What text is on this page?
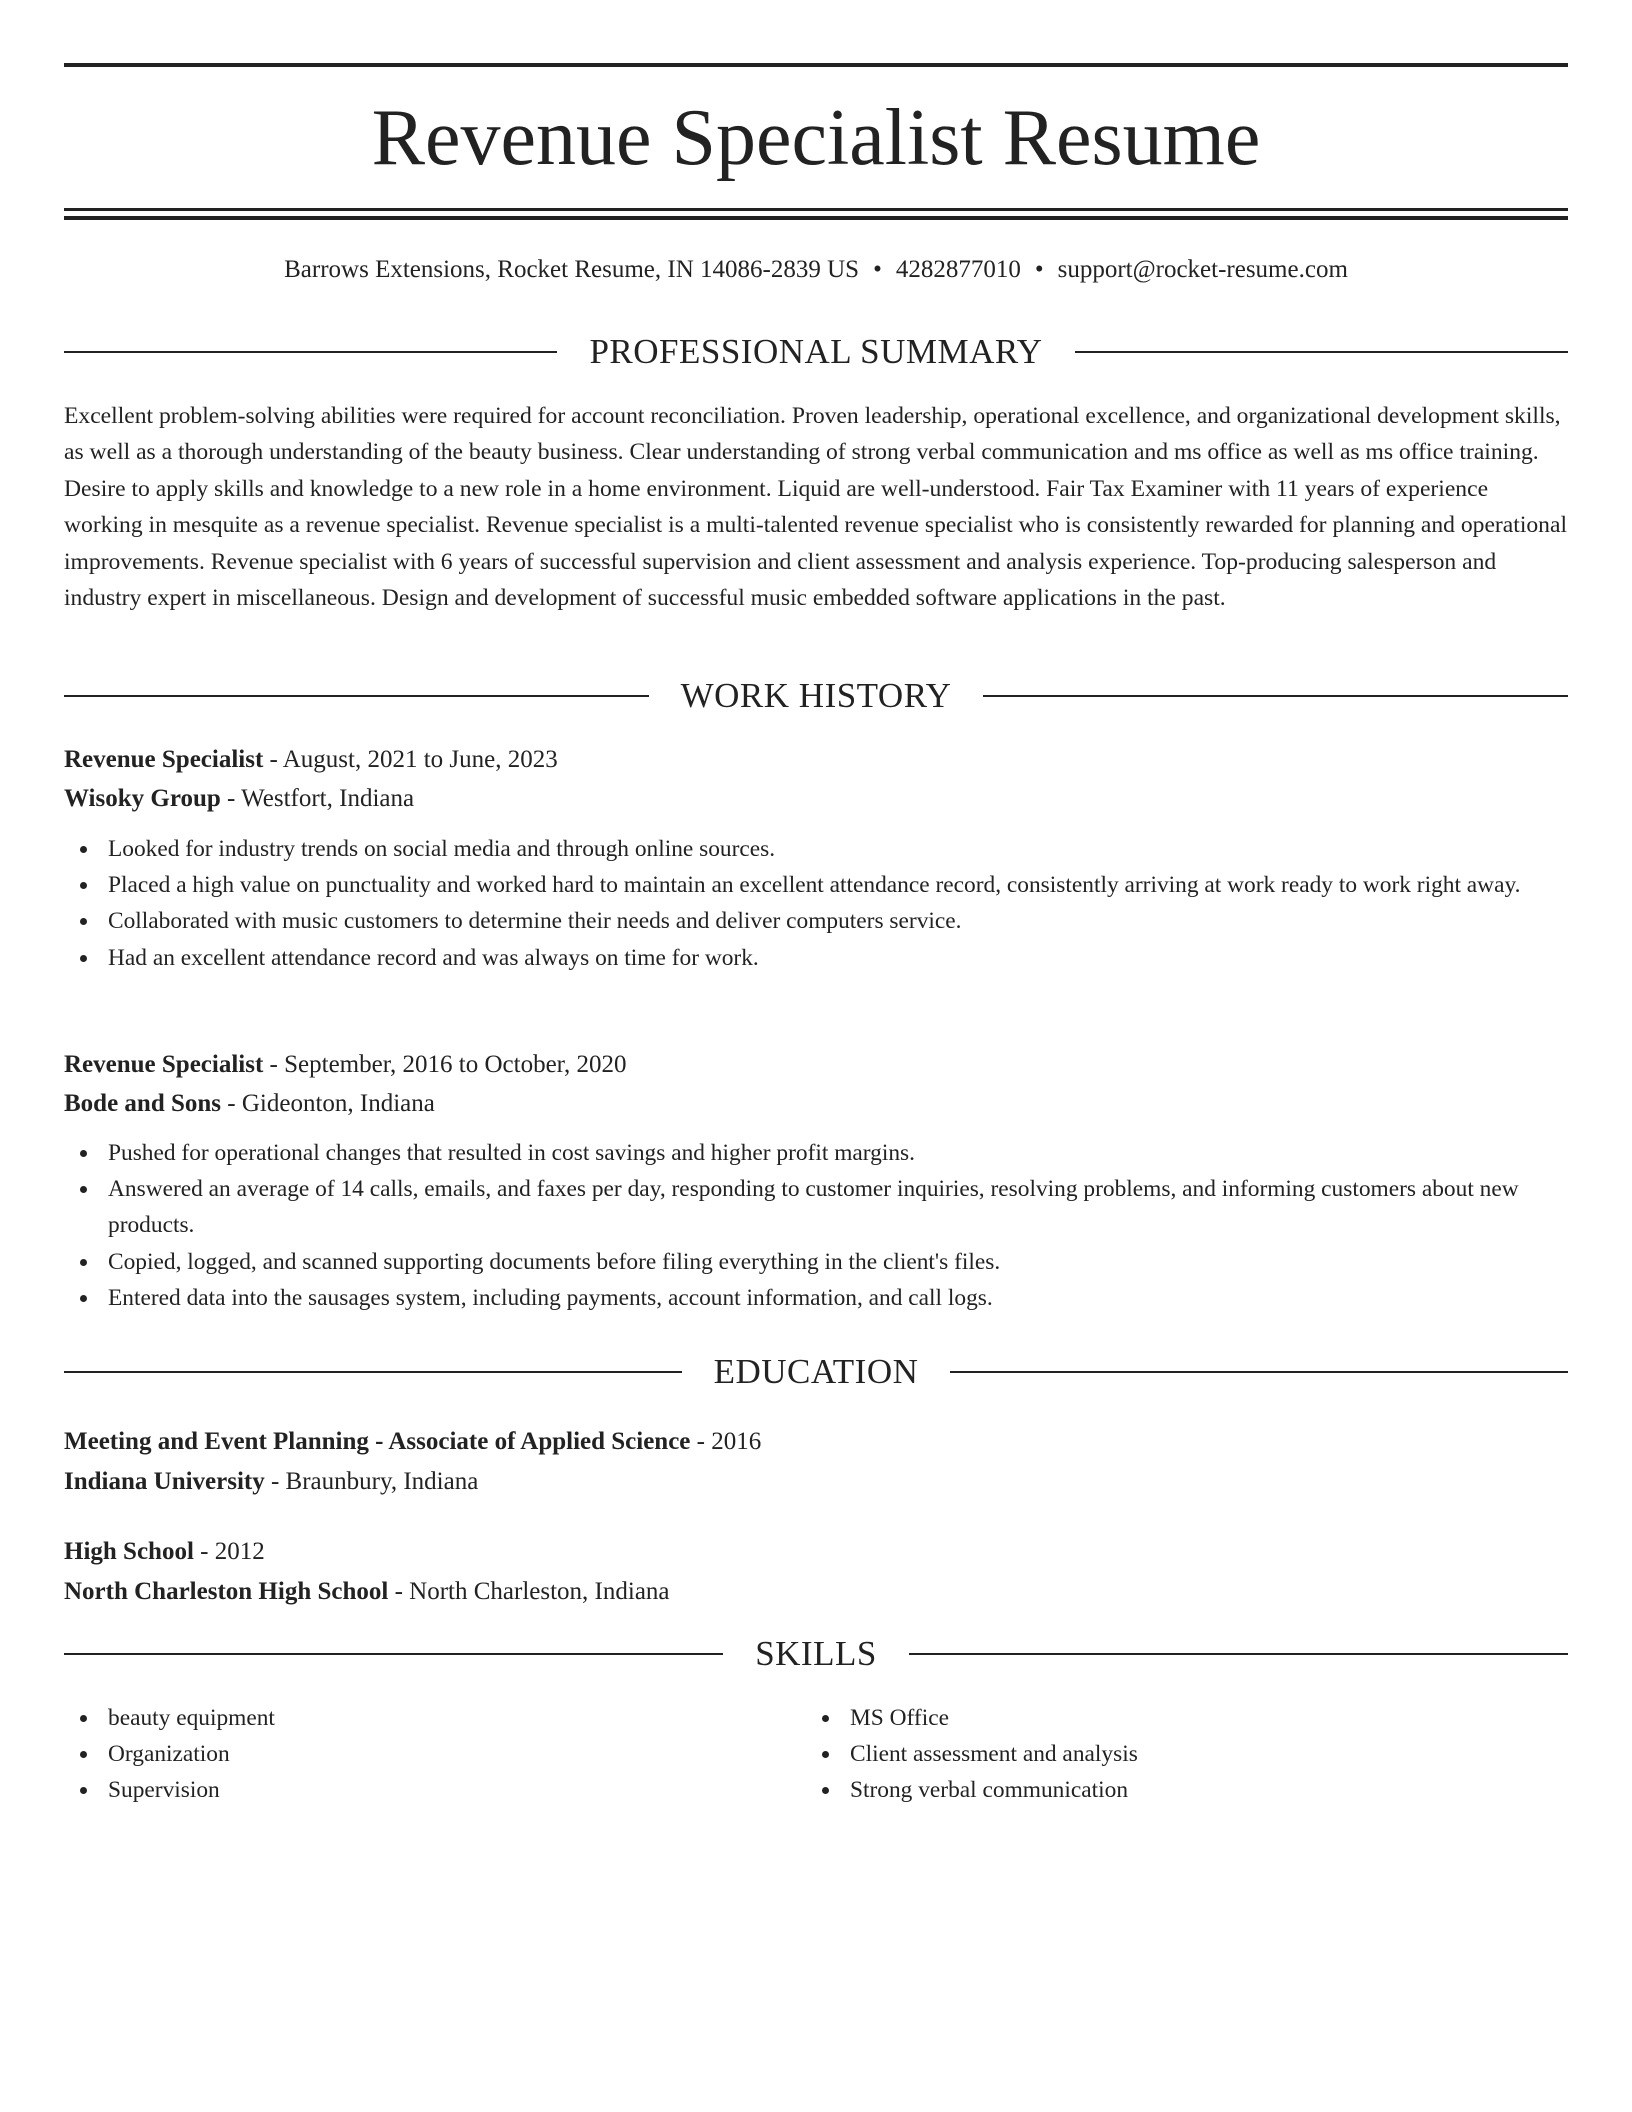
Revenue Specialist Resume
Barrows Extensions, Rocket Resume, IN 14086-2839 US • 4282877010 • support@rocket-resume.com
PROFESSIONAL SUMMARY

Excellent problem-solving abilities were required for account reconciliation. Proven leadership, operational excellence, and organizational development skills, as well as a thorough understanding of the beauty business. Clear understanding of strong verbal communication and ms office as well as ms office training. Desire to apply skills and knowledge to a new role in a home environment. Liquid are well-understood. Fair Tax Examiner with 11 years of experience working in mesquite as a revenue specialist. Revenue specialist is a multi-talented revenue specialist who is consistently rewarded for planning and operational improvements. Revenue specialist with 6 years of successful supervision and client assessment and analysis experience. Top-producing salesperson and industry expert in miscellaneous. Design and development of successful music embedded software applications in the past.

WORK HISTORY
Revenue Specialist - August, 2021 to June, 2023
Wisoky Group - Westfort, Indiana
Looked for industry trends on social media and through online sources.
Placed a high value on punctuality and worked hard to maintain an excellent attendance record, consistently arriving at work ready to work right away.
Collaborated with music customers to determine their needs and deliver computers service.
Had an excellent attendance record and was always on time for work.
Revenue Specialist - September, 2016 to October, 2020
Bode and Sons - Gideonton, Indiana
Pushed for operational changes that resulted in cost savings and higher profit margins.
Answered an average of 14 calls, emails, and faxes per day, responding to customer inquiries, resolving problems, and informing customers about new products.
Copied, logged, and scanned supporting documents before filing everything in the client's files.
Entered data into the sausages system, including payments, account information, and call logs.
EDUCATION
Meeting and Event Planning - Associate of Applied Science - 2016
Indiana University - Braunbury, Indiana
High School - 2012
North Charleston High School - North Charleston, Indiana
SKILLS
beauty equipment
Organization
Supervision
MS Office
Client assessment and analysis
Strong verbal communication
